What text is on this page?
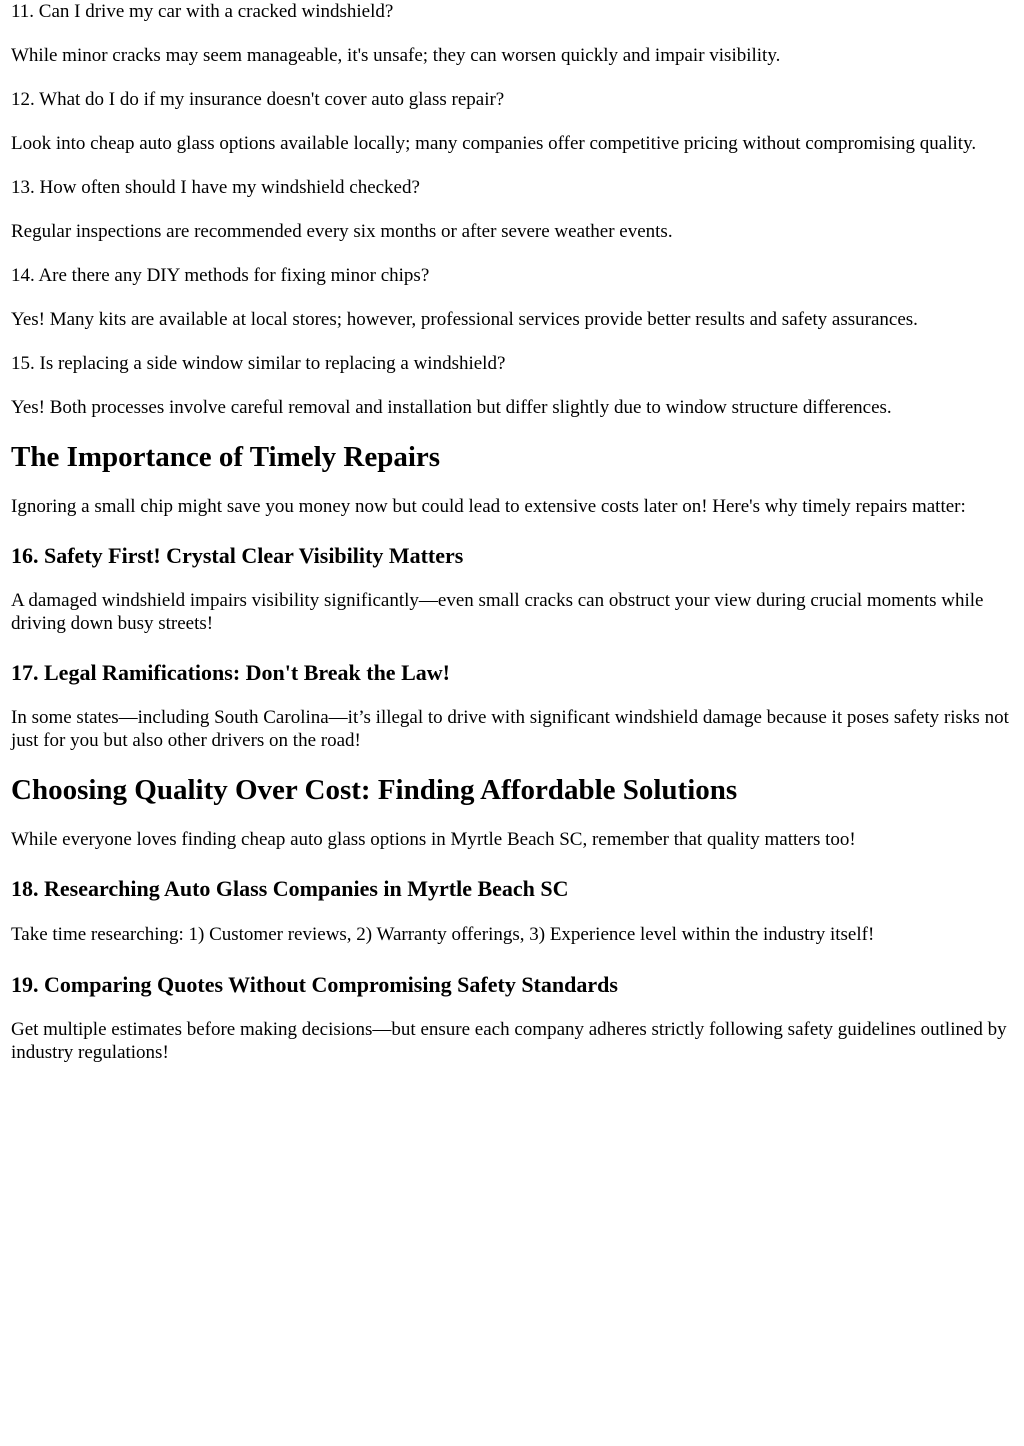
11. Can I drive my car with a cracked windshield?

While minor cracks may seem manageable, it's unsafe; they can worsen quickly and impair visibility.

12. What do I do if my insurance doesn't cover auto glass repair?

Look into cheap auto glass options available locally; many companies offer competitive pricing without compromising quality.

13. How often should I have my windshield checked?

Regular inspections are recommended every six months or after severe weather events.

14. Are there any DIY methods for fixing minor chips?

Yes! Many kits are available at local stores; however, professional services provide better results and safety assurances.

15. Is replacing a side window similar to replacing a windshield?

Yes! Both processes involve careful removal and installation but differ slightly due to window structure differences.

The Importance of Timely Repairs

Ignoring a small chip might save you money now but could lead to extensive costs later on! Here's why timely repairs matter:

16. Safety First! Crystal Clear Visibility Matters

A damaged windshield impairs visibility significantly—even small cracks can obstruct your view during crucial moments while driving down busy streets!

17. Legal Ramifications: Don't Break the Law!

In some states—including South Carolina—it’s illegal to drive with significant windshield damage because it poses safety risks not just for you but also other drivers on the road!

Choosing Quality Over Cost: Finding Affordable Solutions

While everyone loves finding cheap auto glass options in Myrtle Beach SC, remember that quality matters too!

18. Researching Auto Glass Companies in Myrtle Beach SC

Take time researching: 1) Customer reviews, 2) Warranty offerings, 3) Experience level within the industry itself!

19. Comparing Quotes Without Compromising Safety Standards

Get multiple estimates before making decisions—but ensure each company adheres strictly following safety guidelines outlined by industry regulations!
